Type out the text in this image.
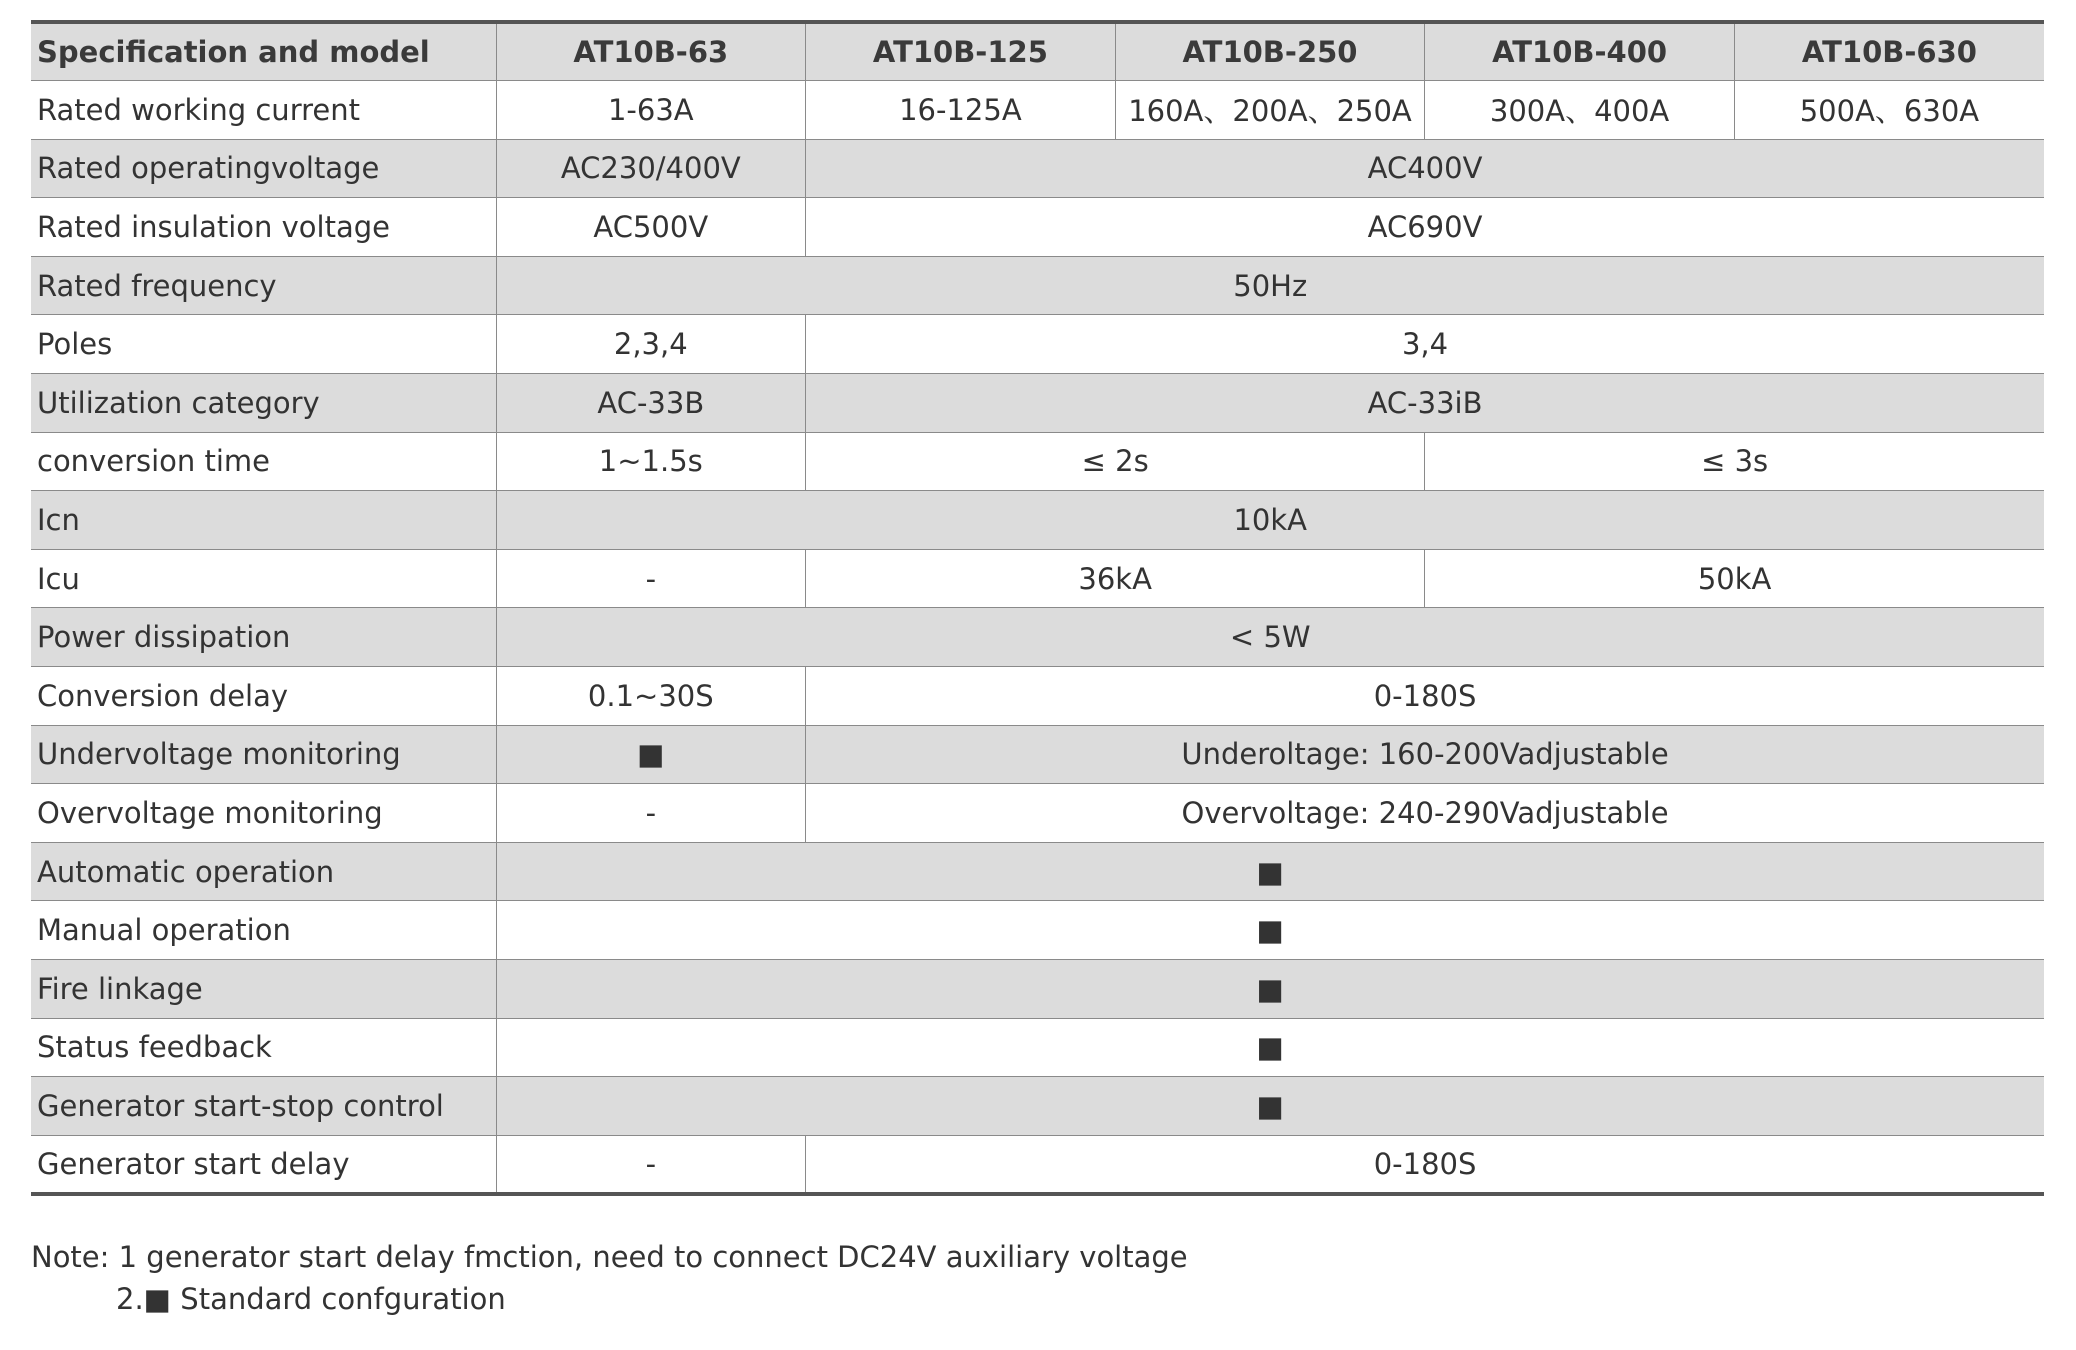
Specification and model	AT10B-63	AT10B-125	AT10B-250	AT10B-400	AT10B-630
Rated working current	1-63A	16-125A	160A、200A、250A	300A、400A	500A、630A
Rated operatingvoltage	AC230/400V	AC400V			
Rated insulation voltage	AC500V	AC690V			
Rated frequency	50Hz				
Poles	2,3,4	3,4			
Utilization category	AC-33B	AC-33iB			
conversion time	1~1.5s	≤ 2s		≤ 3s	
Icn	10kA				
Icu	-	36kA		50kA	
Power dissipation	< 5W				
Conversion delay	0.1~30S	0-180S			
Undervoltage monitoring	■	Underoltage: 160-200Vadjustable			
Overvoltage monitoring	-	Overvoltage: 240-290Vadjustable			
Automatic operation	■				
Manual operation	■				
Fire linkage	■				
Status feedback	■				
Generator start-stop control	■				
Generator start delay	-	0-180S			
Note: 1 generator start delay fmction, need to connect DC24V auxiliary voltage
2.■ Standard confguration
